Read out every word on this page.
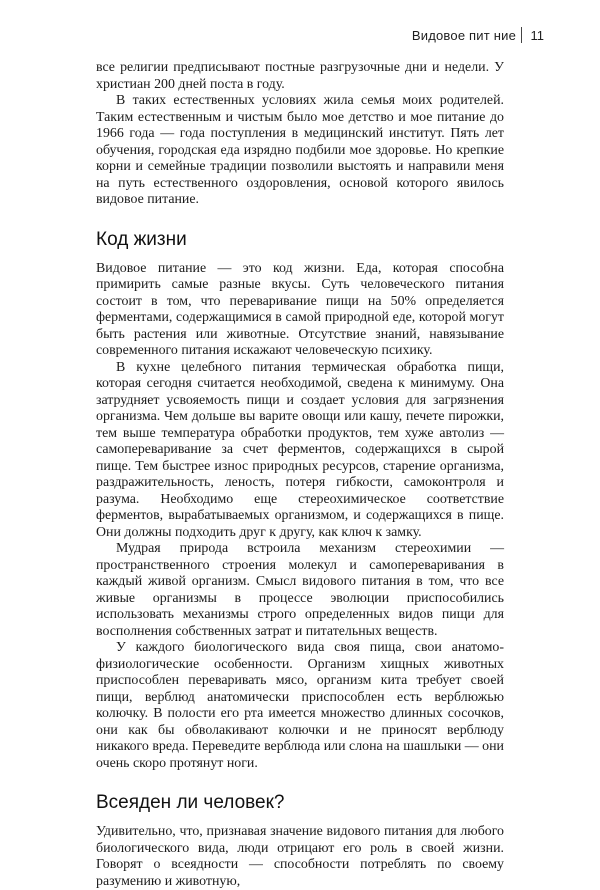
Видовое пит ние 11

все религии предписывают постные разгрузочные дни и недели. У христиан 200 дней поста в году.

В таких естественных условиях жила семья моих родителей. Таким естественным и чистым было мое детство и мое питание до 1966 года — года поступления в медицинский институт. Пять лет обучения, городская еда изрядно подбили мое здоровье. Но крепкие корни и семейные традиции позволили выстоять и направили меня на путь естественного оздоровления, основой которого явилось видовое питание.

Код жизни

Видовое питание — это код жизни. Еда, которая способна примирить самые разные вкусы. Суть человеческого питания состоит в том, что переваривание пищи на 50% определяется ферментами, содержащимися в самой природной еде, которой могут быть растения или животные. Отсутствие знаний, навязывание современного питания искажают человеческую психику.

В кухне целебного питания термическая обработка пищи, которая сегодня считается необходимой, сведена к минимуму. Она затрудняет усвояемость пищи и создает условия для загрязнения организма. Чем дольше вы варите овощи или кашу, печете пирожки, тем выше температура обработки продуктов, тем хуже автолиз — самопереваривание за счет ферментов, содержащихся в сырой пище. Тем быстрее износ природных ресурсов, старение организма, раздражительность, леность, потеря гибкости, самоконтроля и разума. Необходимо еще стереохимическое соответствие ферментов, вырабатываемых организмом, и содержащихся в пище. Они должны подходить друг к другу, как ключ к замку.

Мудрая природа встроила механизм стереохимии — пространственного строения молекул и самопереваривания в каждый живой организм. Смысл видового питания в том, что все живые организмы в процессе эволюции приспособились использовать механизмы строго определенных видов пищи для восполнения собственных затрат и питательных веществ.

У каждого биологического вида своя пища, свои анатомо-физиологические особенности. Организм хищных животных приспособлен переваривать мясо, организм кита требует своей пищи, верблюд анатомически приспособлен есть верблюжью колючку. В полости его рта имеется множество длинных сосочков, они как бы обволакивают колючки и не приносят верблюду никакого вреда. Переведите верблюда или слона на шашлыки — они очень скоро протянут ноги.

Всеяден ли человек?

Удивительно, что, признавая значение видового питания для любого биологического вида, люди отрицают его роль в своей жизни. Говорят о всеядности — способности потреблять по своему разумению и животную,
